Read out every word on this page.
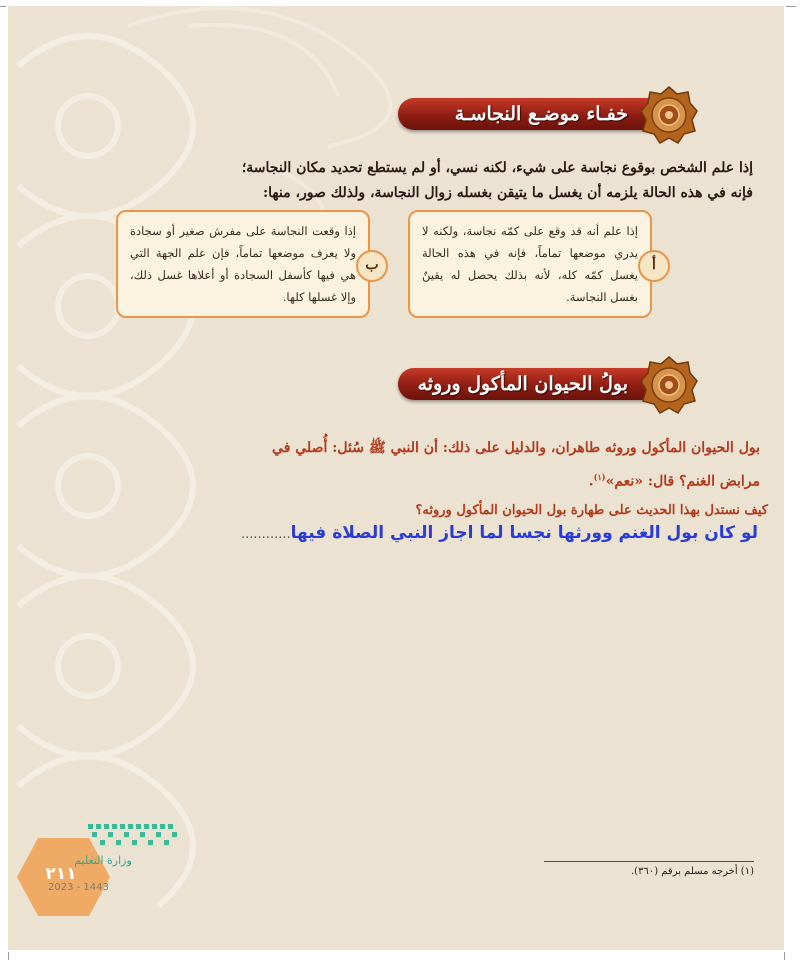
خفـاء موضـع النجاسـة
إذا علم الشخص بوقوع نجاسة على شيء، لكنه نسي، أو لم يستطع تحديد مكان النجاسة؛
فإنه في هذه الحالة يلزمه أن يغسل ما يتيقن بغسله زوال النجاسة، ولذلك صور، منها:
إذا علم أنه قد وقع على كمّه نجاسة، ولكنه لا يدري موضعها تماماً، فإنه في هذه الحالة يغسل كمّه كله، لأنه بذلك يحصل له يقينٌ بغسل النجاسة.
أ
إذا وقعت النجاسة على مفرش صغير أو سجادة ولا يعرف موضعها تماماً، فإن علم الجهة التي هي فيها كأسفل السجادة أو أعلاها غسل ذلك، وإلا غسلها كلها.
ب
بولُ الحيوان المأكول وروثه
بول الحيوان المأكول وروثه طاهران، والدليل على ذلك: أن النبي ﷺ سُئل: أُصلي في
مرابض الغنم؟ قال: «نعم»$^{(١)}$.
كيف نستدل بهذا الحديث على طهارة بول الحيوان المأكول وروثه؟
لو كان بول الغنم وورثها نجسا لما اجاز النبي الصلاة فيها............
(١) أخرجه مسلم برقم (٣٦٠).
وزارة التعليم
٢١١
2023 - 1443
